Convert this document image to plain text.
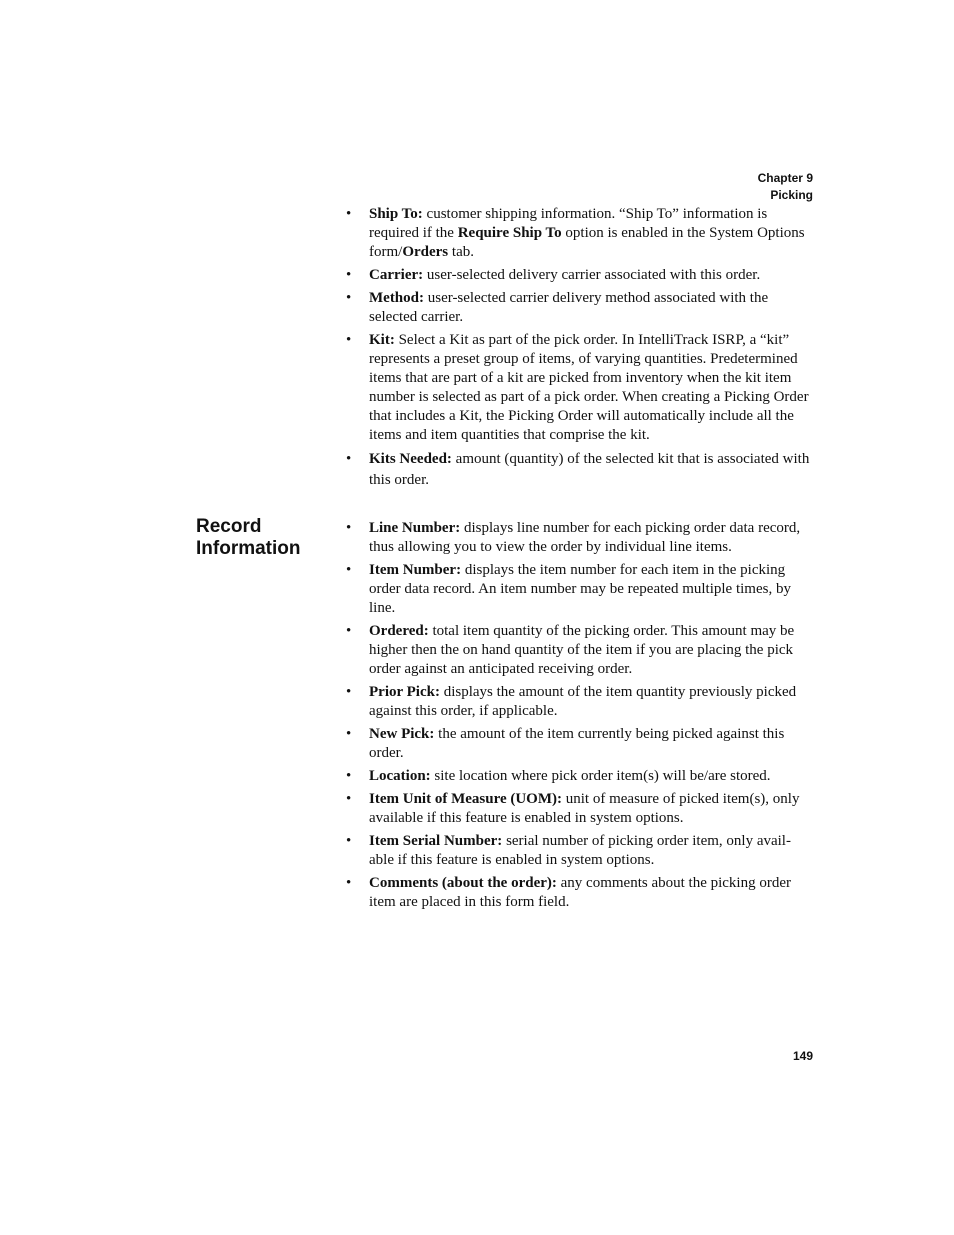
Chapter 9
Picking
• Ship To: customer shipping information. “Ship To” information is required if the Require Ship To option is enabled in the System Options form/Orders tab.
• Carrier: user-selected delivery carrier associated with this order.
• Method: user-selected carrier delivery method associated with the selected carrier.
• Kit: Select a Kit as part of the pick order. In IntelliTrack ISRP, a “kit” represents a preset group of items, of varying quantities. Predetermined items that are part of a kit are picked from inventory when the kit item number is selected as part of a pick order. When creating a Picking Order that includes a Kit, the Picking Order will automatically include all the items and item quantities that comprise the kit.
• Kits Needed: amount (quantity) of the selected kit that is associated with this order.
Record Information
• Line Number: displays line number for each picking order data record, thus allowing you to view the order by individual line items.
• Item Number: displays the item number for each item in the picking order data record. An item number may be repeated multiple times, by line.
• Ordered: total item quantity of the picking order. This amount may be higher then the on hand quantity of the item if you are placing the pick order against an anticipated receiving order.
• Prior Pick: displays the amount of the item quantity previously picked against this order, if applicable.
• New Pick: the amount of the item currently being picked against this order.
• Location: site location where pick order item(s) will be/are stored.
• Item Unit of Measure (UOM): unit of measure of picked item(s), only available if this feature is enabled in system options.
• Item Serial Number: serial number of picking order item, only avail-able if this feature is enabled in system options.
• Comments (about the order): any comments about the picking order item are placed in this form field.
149
